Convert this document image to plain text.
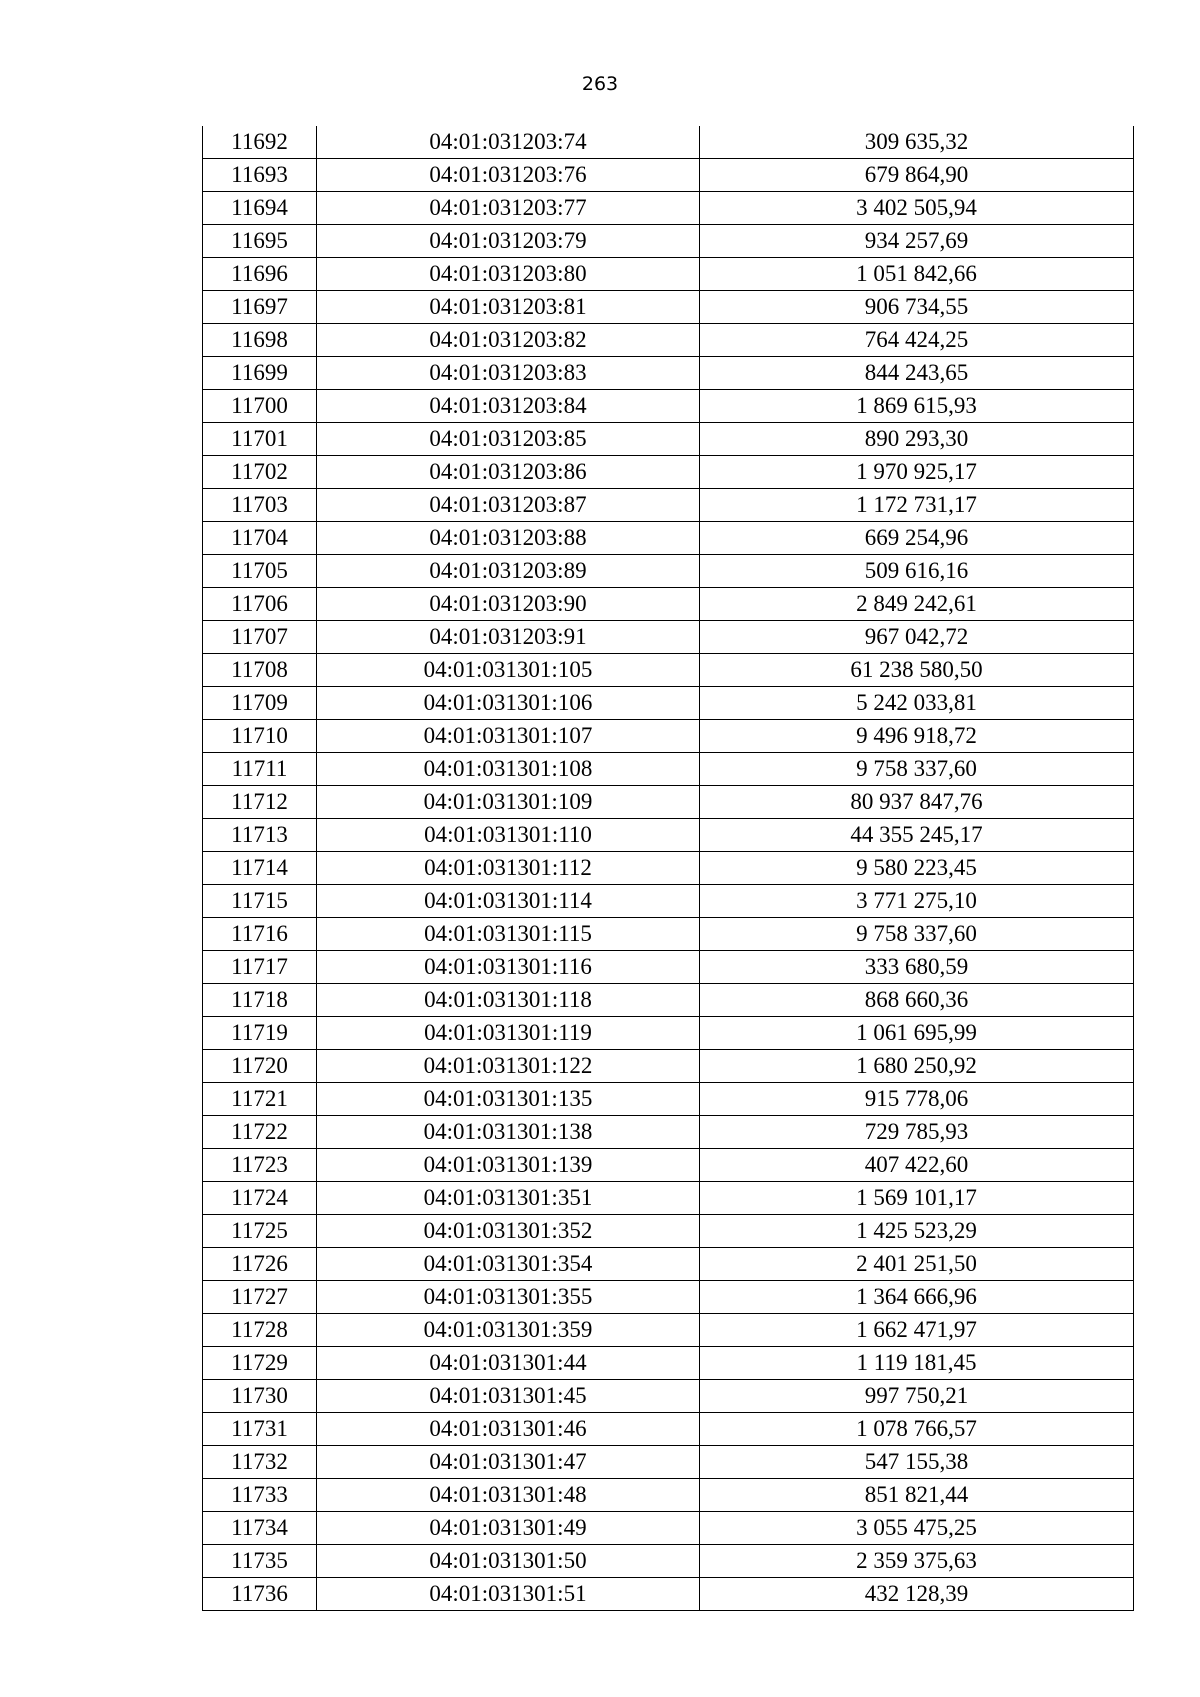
263
11692	04:01:031203:74	309 635,32
11693	04:01:031203:76	679 864,90
11694	04:01:031203:77	3 402 505,94
11695	04:01:031203:79	934 257,69
11696	04:01:031203:80	1 051 842,66
11697	04:01:031203:81	906 734,55
11698	04:01:031203:82	764 424,25
11699	04:01:031203:83	844 243,65
11700	04:01:031203:84	1 869 615,93
11701	04:01:031203:85	890 293,30
11702	04:01:031203:86	1 970 925,17
11703	04:01:031203:87	1 172 731,17
11704	04:01:031203:88	669 254,96
11705	04:01:031203:89	509 616,16
11706	04:01:031203:90	2 849 242,61
11707	04:01:031203:91	967 042,72
11708	04:01:031301:105	61 238 580,50
11709	04:01:031301:106	5 242 033,81
11710	04:01:031301:107	9 496 918,72
11711	04:01:031301:108	9 758 337,60
11712	04:01:031301:109	80 937 847,76
11713	04:01:031301:110	44 355 245,17
11714	04:01:031301:112	9 580 223,45
11715	04:01:031301:114	3 771 275,10
11716	04:01:031301:115	9 758 337,60
11717	04:01:031301:116	333 680,59
11718	04:01:031301:118	868 660,36
11719	04:01:031301:119	1 061 695,99
11720	04:01:031301:122	1 680 250,92
11721	04:01:031301:135	915 778,06
11722	04:01:031301:138	729 785,93
11723	04:01:031301:139	407 422,60
11724	04:01:031301:351	1 569 101,17
11725	04:01:031301:352	1 425 523,29
11726	04:01:031301:354	2 401 251,50
11727	04:01:031301:355	1 364 666,96
11728	04:01:031301:359	1 662 471,97
11729	04:01:031301:44	1 119 181,45
11730	04:01:031301:45	997 750,21
11731	04:01:031301:46	1 078 766,57
11732	04:01:031301:47	547 155,38
11733	04:01:031301:48	851 821,44
11734	04:01:031301:49	3 055 475,25
11735	04:01:031301:50	2 359 375,63
11736	04:01:031301:51	432 128,39
